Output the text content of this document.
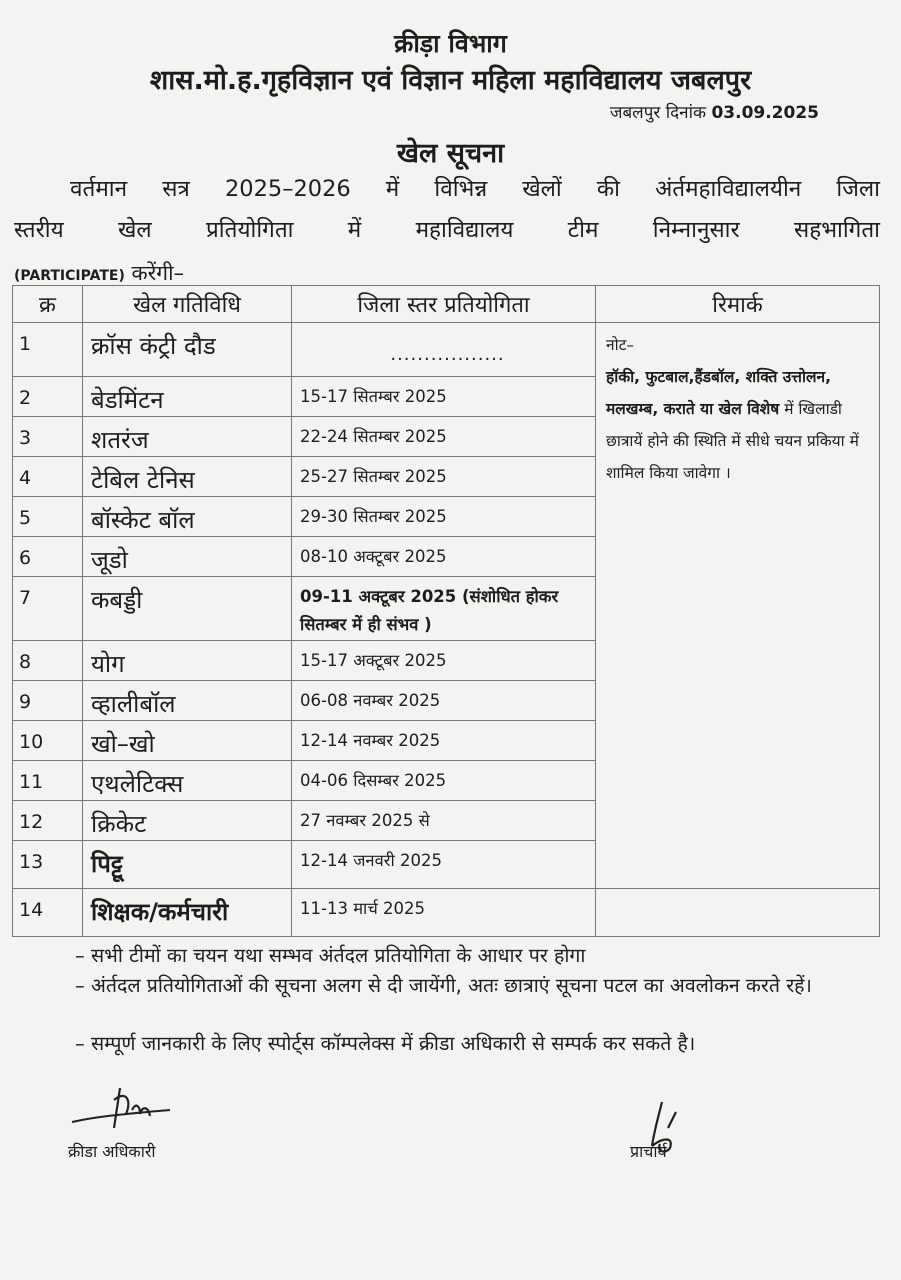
क्रीड़ा विभाग
शास.मो.ह.गृहविज्ञान एवं विज्ञान महिला महाविद्यालय जबलपुर
जबलपुर दिनांक 03.09.2025
खेल सूचना
वर्तमान सत्र 2025–2026 में विभिन्न खेलों की अंर्तमहाविद्यालयीन जिला
स्तरीय खेल प्रतियोगिता में महाविद्यालय टीम निम्नानुसार सहभागिता
(PARTICIPATE) करेंगी–
क्र	खेल गतिविधि	जिला स्तर प्रतियोगिता	रिमार्क
1	क्रॉस कंट्री दौड	.................	नोट–
हॉकी, फुटबाल,हैंडबॉल, शक्ति उत्तोलन, मलखम्ब, कराते या खेल विशेष में खिलाडी छात्रायें होने की स्थिति में सीधे चयन प्रकिया में शामिल किया जावेगा ।
2	बेडमिंटन	15-17 सितम्बर 2025	
3	शतरंज	22-24 सितम्बर 2025	
4	टेबिल टेनिस	25-27 सितम्बर 2025	
5	बॉस्केट बॉल	29-30 सितम्बर 2025	
6	जूडो	08-10 अक्टूबर 2025	
7	कबड्डी	09-11 अक्टूबर 2025 (संशोधित होकर सितम्बर में ही संभव )	
8	योग	15-17 अक्टूबर 2025	
9	व्हालीबॉल	06-08 नवम्बर 2025	
10	खो–खो	12-14 नवम्बर 2025	
11	एथलेटिक्स	04-06 दिसम्बर 2025	
12	क्रिकेट	27 नवम्बर 2025 से	
13	पिट्टू	12-14 जनवरी 2025	
14	शिक्षक/कर्मचारी	11-13 मार्च 2025	
– सभी टीमों का चयन यथा सम्भव अंर्तदल प्रतियोगिता के आधार पर होगा
– अंर्तदल प्रतियोगिताओं की सूचना अलग से दी जायेंगी, अतः छात्राएं सूचना पटल का अवलोकन करते रहें।
– सम्पूर्ण जानकारी के लिए स्पोर्ट्स कॉम्पलेक्स में क्रीडा अधिकारी से सम्पर्क कर सकते है।
क्रीडा अधिकारी	प्राचार्य
